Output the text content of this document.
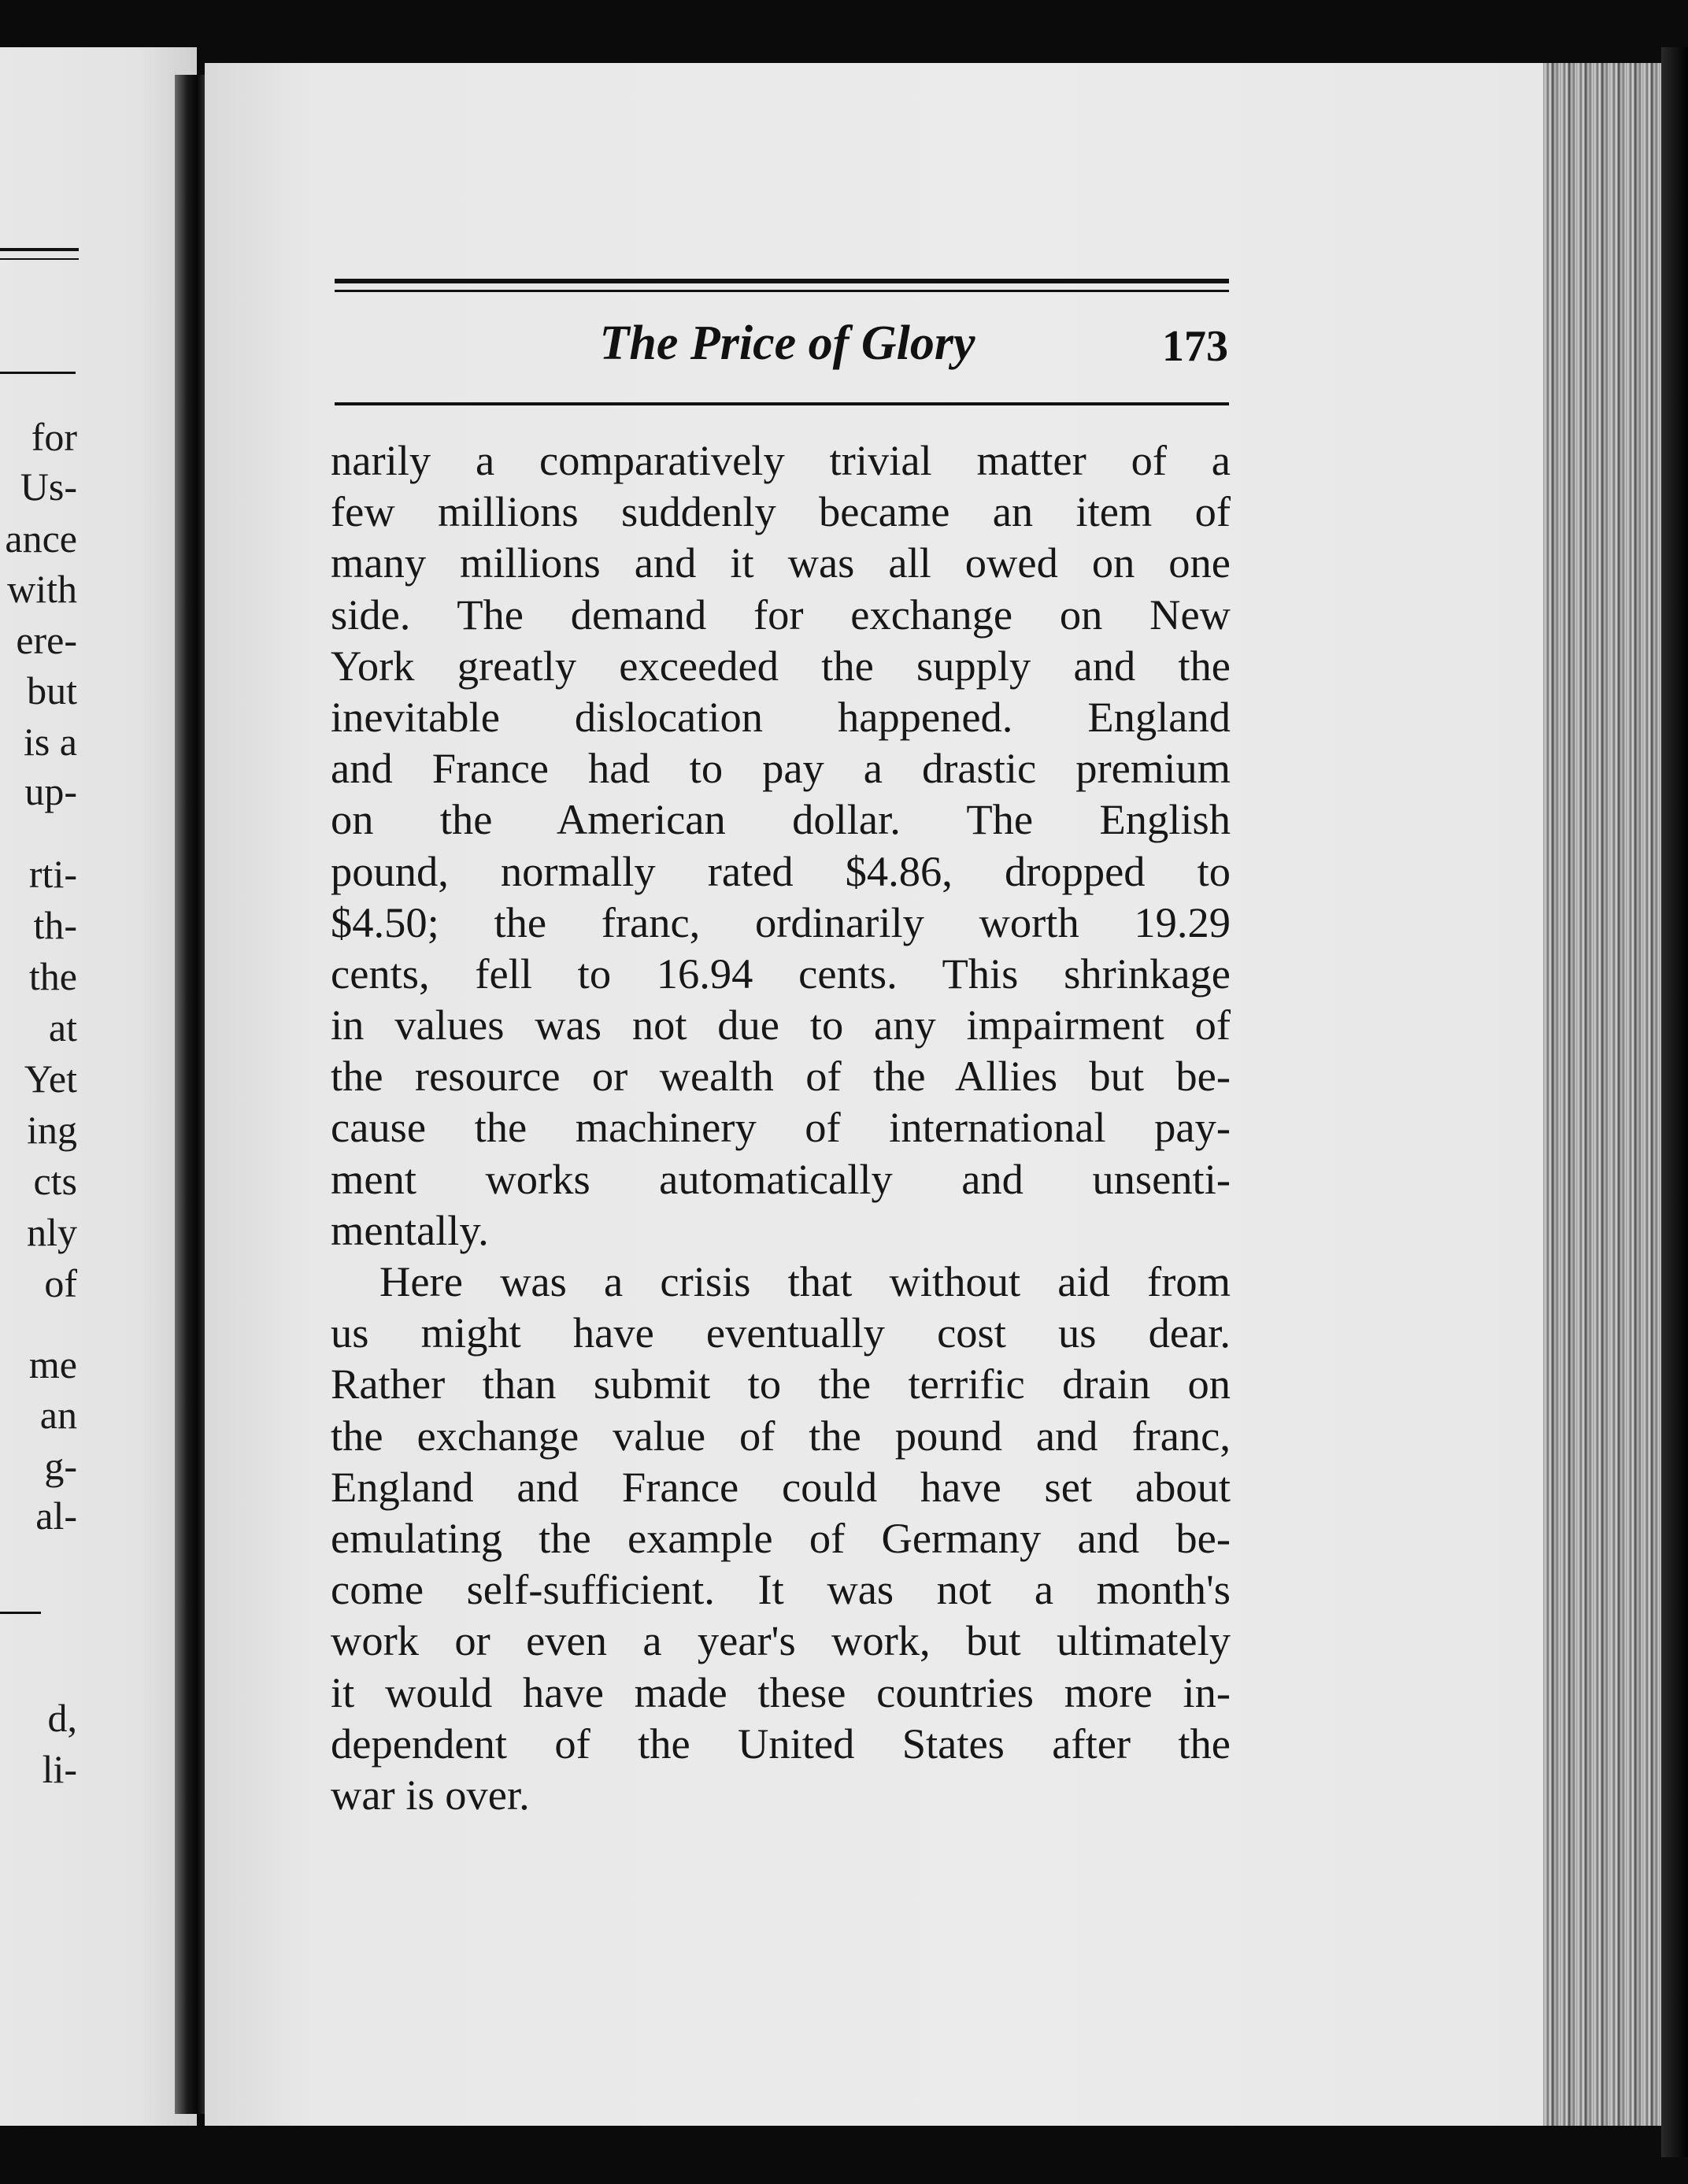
for
Us-
ance
with
ere-
but
is a
up-
rti-
th-
the
at
Yet
ing
cts
nly
of
me
an
g-
al-
d,
li-
The Price of Glory	173
narily a comparatively trivial matter of a
few millions suddenly became an item of
many millions and it was all owed on one
side. The demand for exchange on New
York greatly exceeded the supply and the
inevitable dislocation happened. England
and France had to pay a drastic premium
on the American dollar. The English
pound, normally rated $4.86, dropped to
$4.50; the franc, ordinarily worth 19.29
cents, fell to 16.94 cents. This shrinkage
in values was not due to any impairment of
the resource or wealth of the Allies but be-
cause the machinery of international pay-
ment works automatically and unsenti-
mentally.
Here was a crisis that without aid from
us might have eventually cost us dear.
Rather than submit to the terrific drain on
the exchange value of the pound and franc,
England and France could have set about
emulating the example of Germany and be-
come self-sufficient. It was not a month's
work or even a year's work, but ultimately
it would have made these countries more in-
dependent of the United States after the
war is over.
